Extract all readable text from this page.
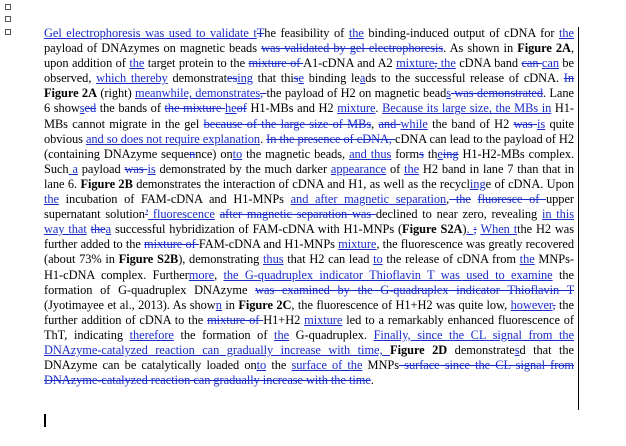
Gel electrophoresis was used to validate tThe feasibility of the binding-induced output of cDNA for the payload of DNAzymes on magnetic beads was validated by gel electrophoresis. As shown in Figure 2A, upon addition of the target protein to the mixture of A1-cDNA and A2 mixture, the cDNA band can can be observed, which thereby demonstratesing that thise binding leads to the successful release of cDNA. In Figure 2A (right) meanwhile, demonstrates, the payload of H2 on magnetic beads was demonstrated. Lane 6 showsed the bands of the mixture heof H1-MBs and H2 mixture. Because its large size, the MBs in H1-MBs cannot migrate in the gel because of the large size of MBs, and while the band of H2 was is quite obvious and so does not require explanation. In the presence of cDNA, cDNA can lead to the payload of H2 (containing DNAzyme sequennce) onto the magnetic beads, and thus forms theing H1-H2-MBs complex. Such a payload was is demonstrated by the much darker appearance of the H2 band in lane 7 than that in lane 6. Figure 2B demonstrates the interaction of cDNA and H1, as well as the recyclinge of cDNA. Upon the incubation of FAM-cDNA and H1-MNPs and after magnetic separation, the fluoresce of upper supernatant solution’ fluorescence after magnetic separation was declined to near zero, revealing in this way that thea successful hybridization of FAM-cDNA with H1-MNPs (Figure S2A). ; When tthe H2 was further added to the mixture of FAM-cDNA and H1-MNPs mixture, the fluorescence was greatly recovered (about 73% in Figure S2B), demonstrating thus that H2 can lead to the release of cDNA from the MNPs-H1-cDNA complex. Furthermore, the G-quadruplex indicator Thioflavin T was used to examine the formation of G-quadruplex DNAzyme was examined by the G-quadruplex indicator Thioflavin T (Jyotimayee et al., 2013). As shown in Figure 2C, the fluorescence of H1+H2 was quite low, however, the further addition of cDNA to the mixture of H1+H2 mixture led to a remarkably enhanced fluorescence of ThT, indicating therefore the formation of the G-quadruplex. Finally, since the CL signal from the DNAzyme-catalyzed reaction can gradually increase with time, Figure 2D demonstratesd that the DNAzyme can be catalytically loaded onto the surface of the MNPs surface since the CL signal from DNAzyme-catalyzed reaction can gradually increase with the time.
